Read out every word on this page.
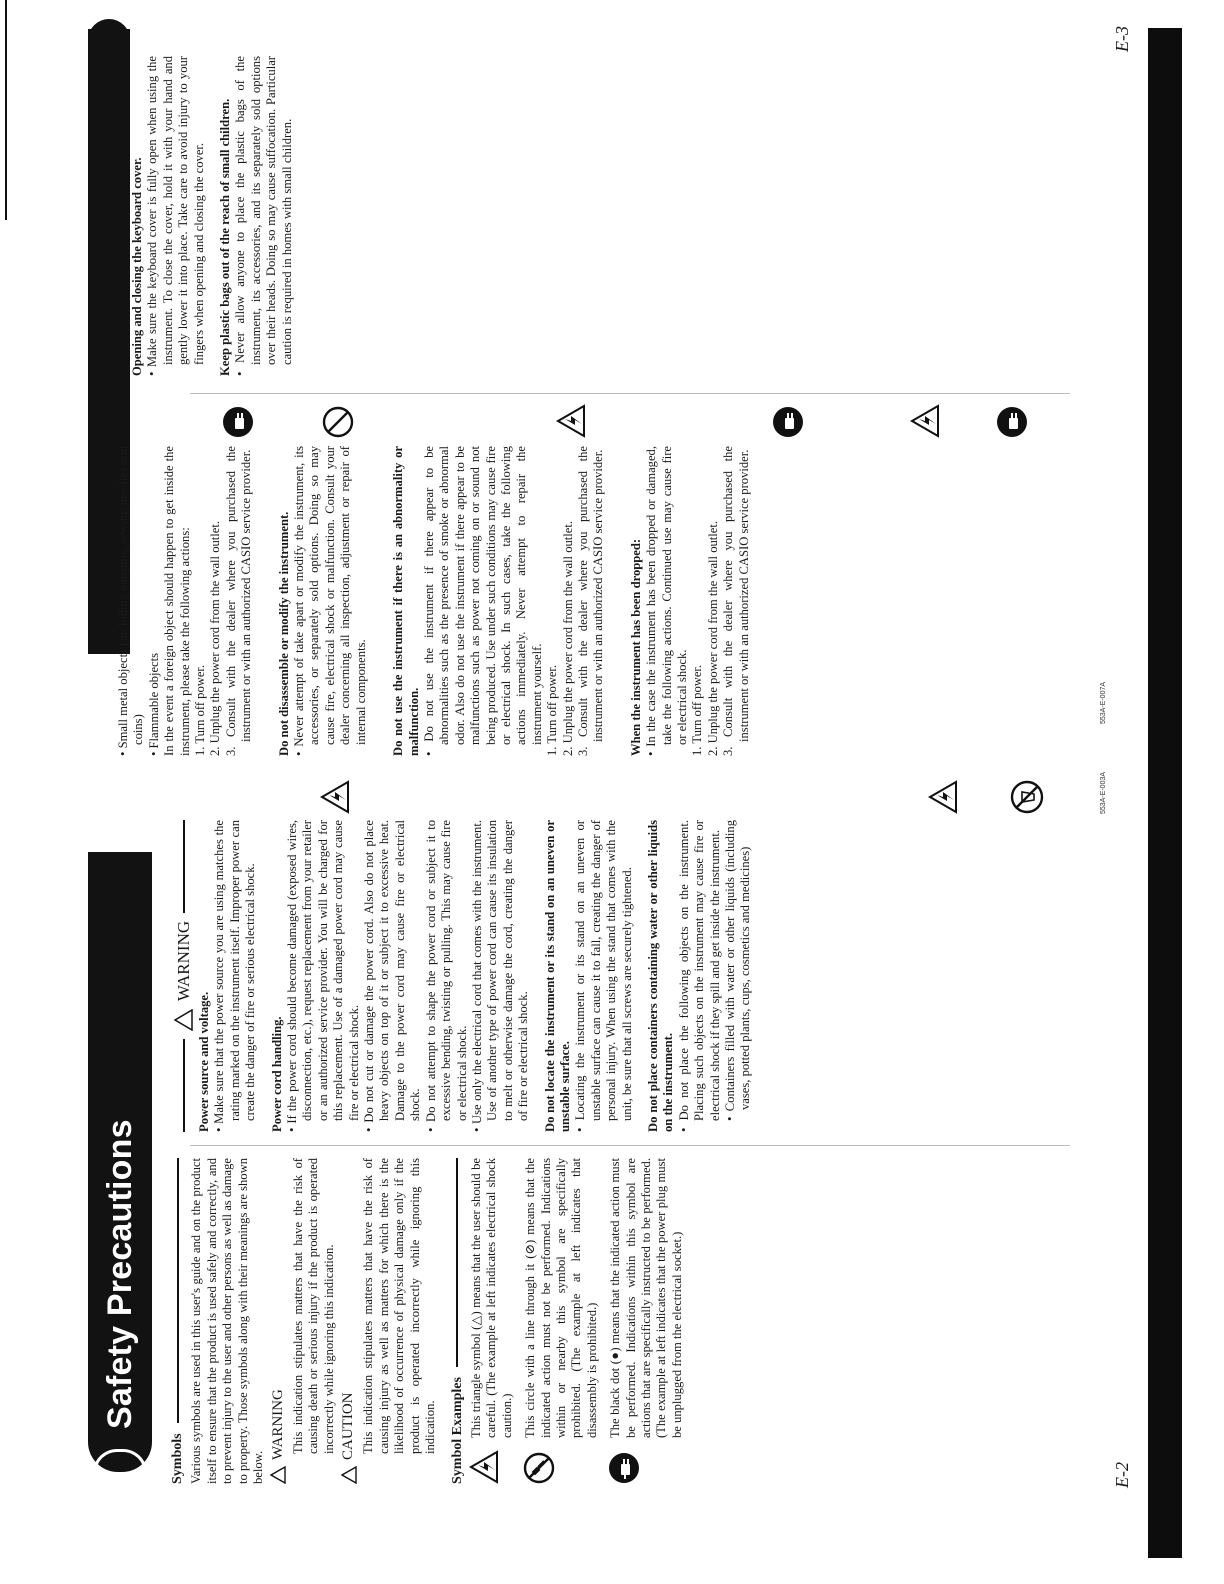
Safety Precautions
E-2
E-3
553A-E-003A
553A-E-007A
Symbols Various symbols are used in this user's guide and on the product itself to ensure that the product is used safely and correctly, and to prevent injury to the user and other persons as well as damage to property. Those symbols along with their meanings are shown below.

WARNING This indication stipulates matters that have the risk of causing death or serious injury if the product is operated incorrectly while ignoring this indication. CAUTION This indication stipulates matters that have the risk of causing injury as well as matters for which there is the likelihood of occurrence of physical damage only if the product is operated incorrectly while ignoring this indication. Symbol Examples This triangle symbol (△) means that the user should be careful. (The example at left indicates electrical shock caution.) This circle with a line through it (⊘) means that the indicated action must not be performed. Indications within or nearby this symbol are specifically prohibited. (The example at left indicates that disassembly is prohibited.) The black dot (●) means that the indicated action must be performed. Indications within this symbol are actions that are specifically instructed to be performed. (The example at left indicates that the power plug must be unplugged from the electrical socket.)

WARNING

Power source and voltage. • Make sure that the power source you are using matches the rating marked on the instrument itself. Improper power can create the danger of fire or serious electrical shock. Power cord handling. • If the power cord should become damaged (exposed wires, disconnection, etc.), request replacement from your retailer or an authorized service provider. You will be charged for this replacement. Use of a damaged power cord may cause fire or electrical shock. • Do not cut or damage the power cord. Also do not place heavy objects on top of it or subject it to excessive heat. Damage to the power cord may cause fire or electrical shock. • Do not attempt to shape the power cord or subject it to excessive bending, twisting or pulling. This may cause fire or electrical shock. • Use only the electrical cord that comes with the instrument. Use of another type of power cord can cause its insulation to melt or otherwise damage the cord, creating the danger of fire or electrical shock. Do not locate the instrument or its stand on an uneven or unstable surface. • Locating the instrument or its stand on an uneven or unstable surface can cause it to fall, creating the danger of personal injury. When using the stand that comes with the unit, be sure that all screws are securely tightened. Do not place containers containing water or other liquids on the instrument. • Do not place the following objects on the instrument. Placing such objects on the instrument may cause fire or electrical shock if they spill and get inside the instrument. • Containers filled with water or other liquids (including vases, potted plants, cups, cosmetics and medicines)

• Small metal objects (including hairpins, sewing needles and coins) • Flammable objects In the event a foreign object should happen to get inside the instrument, please take the following actions: 1. Turn off power. 2. Unplug the power cord from the wall outlet. 3. Consult with the dealer where you purchased the instrument or with an authorized CASIO service provider. Do not disassemble or modify the instrument. • Never attempt of take apart or modify the instrument, its accessories, or separately sold options. Doing so may cause fire, electrical shock or malfunction. Consult your dealer concerning all inspection, adjustment or repair of internal components. Do not use the instrument if there is an abnormality or malfunction. • Do not use the instrument if there appear to be abnormalities such as the presence of smoke or abnormal odor. Also do not use the instrument if there appear to be malfunctions such as power not coming on or sound not being produced. Use under such conditions may cause fire or electrical shock. In such cases, take the following actions immediately. Never attempt to repair the instrument yourself. 1. Turn off power. 2. Unplug the power cord from the wall outlet. 3. Consult with the dealer where you purchased the instrument or with an authorized CASIO service provider. When the instrument has been dropped: • In the case the instrument has been dropped or damaged, take the following actions. Continued use may cause fire or electrical shock. 1. Turn off power. 2. Unplug the power cord from the wall outlet. 3. Consult with the dealer where you purchased the instrument or with an authorized CASIO service provider.

Opening and closing the keyboard cover. • Make sure the keyboard cover is fully open when using the instrument. To close the cover, hold it with your hand and gently lower it into place. Take care to avoid injury to your fingers when opening and closing the cover. Keep plastic bags out of the reach of small children. • Never allow anyone to place the plastic bags of the instrument, its accessories, and its separately sold options over their heads. Doing so may cause suffocation. Particular caution is required in homes with small children.
